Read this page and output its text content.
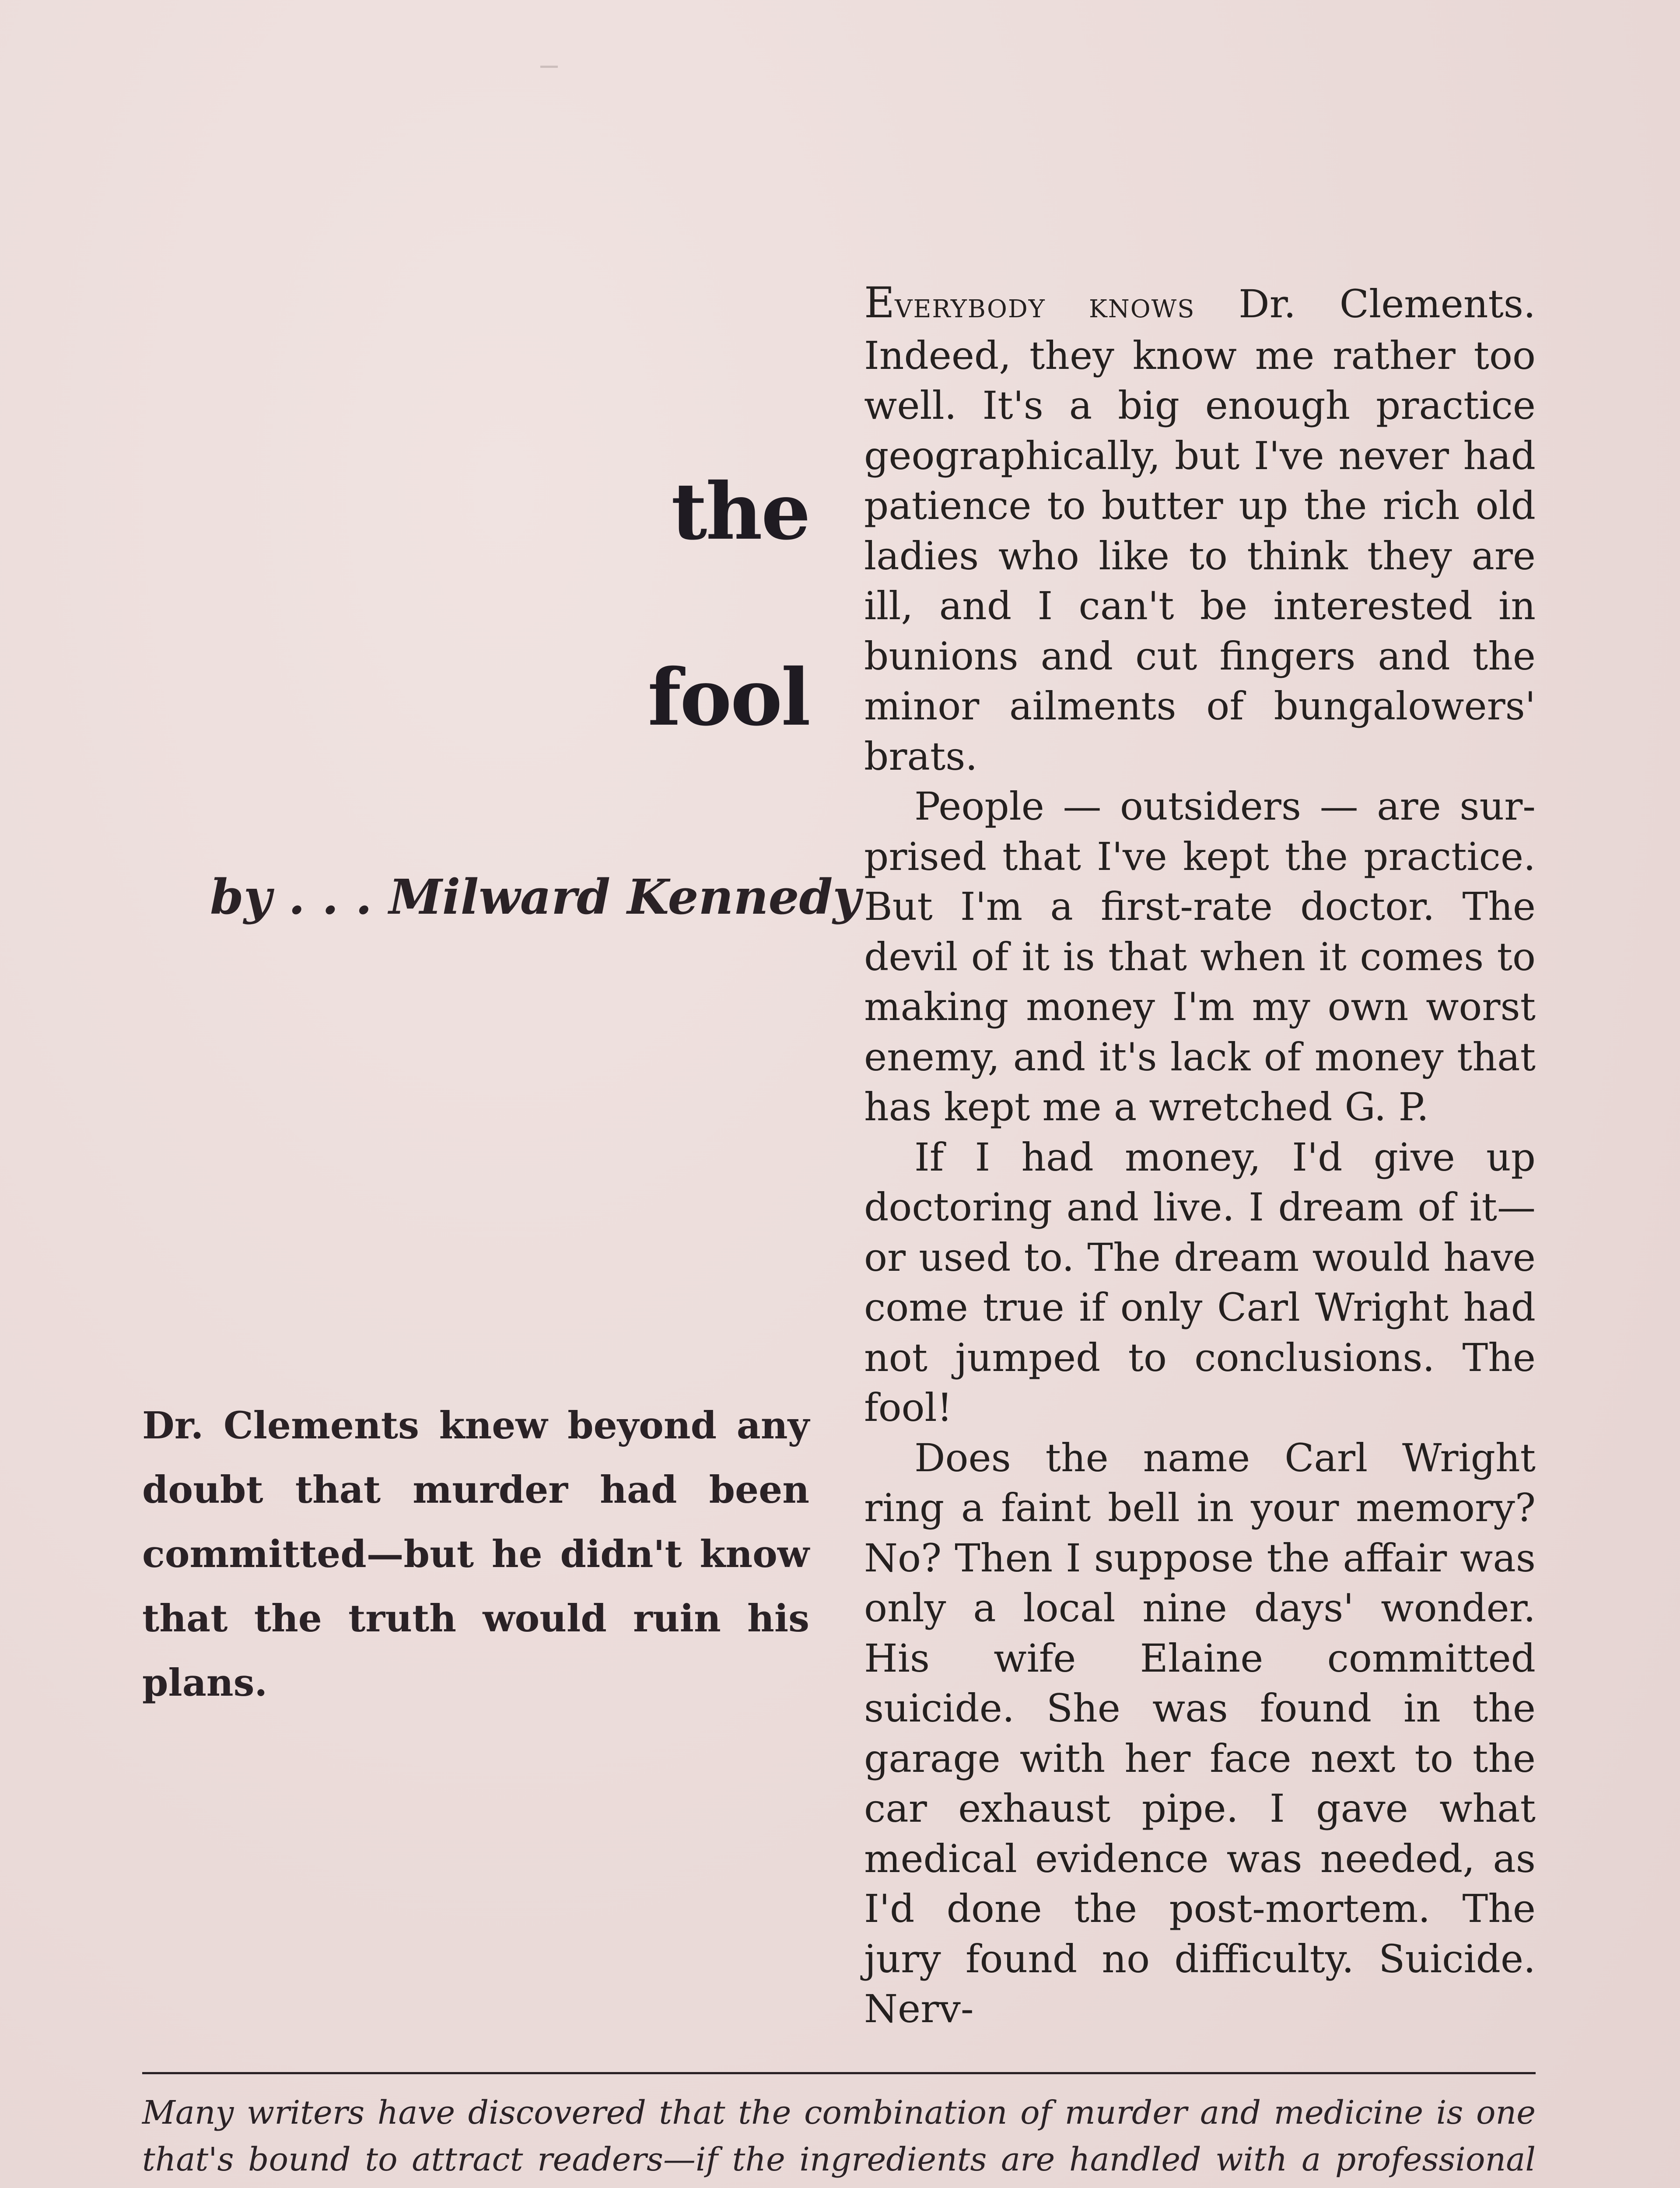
the
fool

by . . . Milward Kennedy

Dr. Clements knew beyond any doubt that murder had been committed—but he didn't know that the truth would ruin his plans.

Everybody knows Dr. Clements. Indeed, they know me rather too well. It's a big enough practice geographically, but I've never had patience to butter up the rich old ladies who like to think they are ill, and I can't be interested in bunions and cut fingers and the minor ailments of bungalowers' brats.

People — outsiders — are surprised that I've kept the practice. But I'm a first-rate doctor. The devil of it is that when it comes to making money I'm my own worst enemy, and it's lack of money that has kept me a wretched G. P.

If I had money, I'd give up doctoring and live. I dream of it—or used to. The dream would have come true if only Carl Wright had not jumped to conclusions. The fool!

Does the name Carl Wright ring a faint bell in your memory? No? Then I suppose the affair was only a local nine days' wonder. His wife Elaine committed suicide. She was found in the garage with her face next to the car exhaust pipe. I gave what medical evidence was needed, as I'd done the post-mortem. The jury found no difficulty. Suicide. Nerv-

Many writers have discovered that the combination of murder and medicine is one that's bound to attract readers—if the ingredients are handled with a professional
